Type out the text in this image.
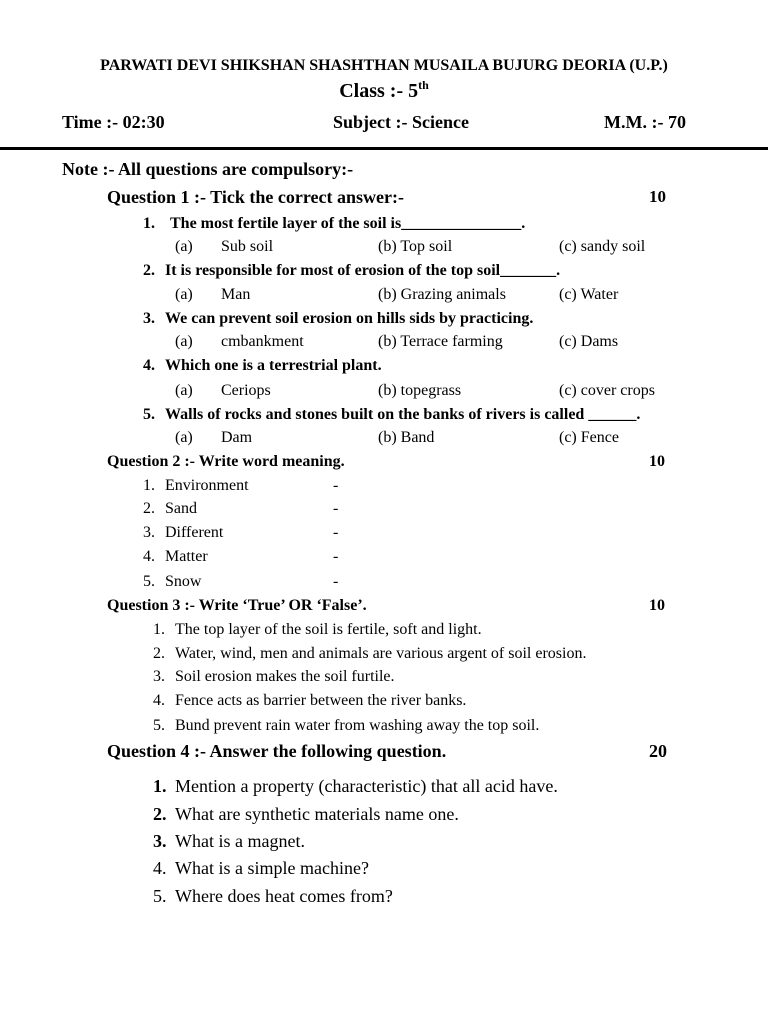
PARWATI DEVI SHIKSHAN SHASHTHAN MUSAILA BUJURG DEORIA (U.P.)
Class :- 5th
Time :- 02:30	Subject :- Science	M.M. :- 70
Note :- All questions are compulsory:-
Question 1 :- Tick the correct answer:-	10
1. The most fertile layer of the soil is_______________.
(a) Sub soil	(b) Top soil	(c) sandy soil
2. It is responsible for most of erosion of the top soil_______.
(a) Man	(b) Grazing animals	(c) Water
3. We can prevent soil erosion on hills sids by practicing.
(a) cmbankment	(b) Terrace farming	(c) Dams
4. Which one is a terrestrial plant.
(a) Ceriops	(b) topegrass	(c) cover crops
5. Walls of rocks and stones built on the banks of rivers is called ______.
(a) Dam	(b) Band	(c) Fence
Question 2 :- Write word meaning.	10
1. Environment	-
2. Sand	-
3. Different	-
4. Matter	-
5. Snow	-
Question 3 :- Write ‘True’ OR ‘False’.	10
1. The top layer of the soil is fertile, soft and light.
2. Water, wind, men and animals are various argent of soil erosion.
3. Soil erosion makes the soil furtile.
4. Fence acts as barrier between the river banks.
5. Bund prevent rain water from washing away the top soil.
Question 4 :- Answer the following question.	20
1. Mention a property (characteristic) that all acid have.
2. What are synthetic materials name one.
3. What is a magnet.
4. What is a simple machine?
5. Where does heat comes from?
